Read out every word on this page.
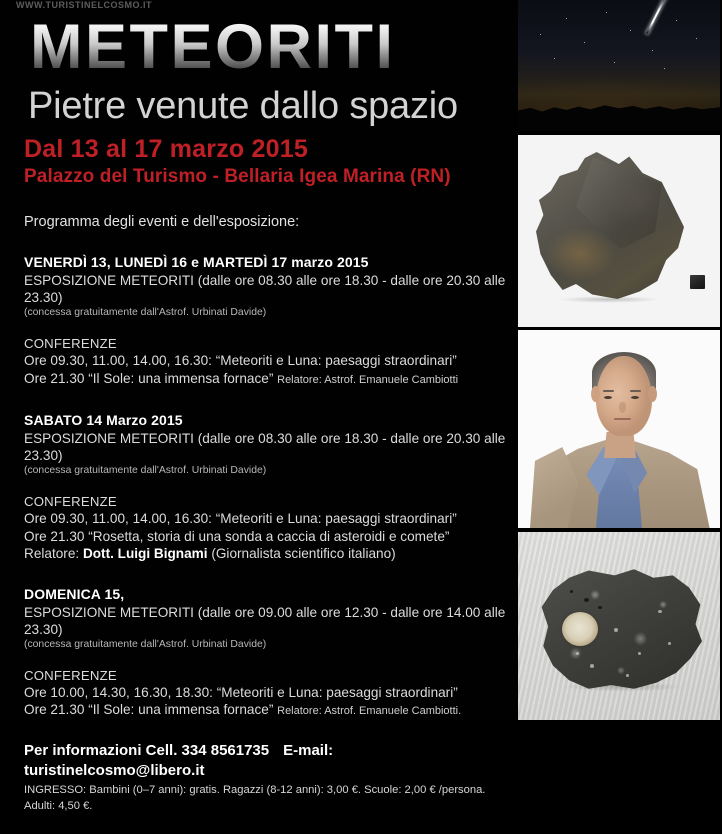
WWW.TURISTINELCOSMO.IT
METEORITI
Pietre venute dallo spazio
Dal 13 al 17 marzo 2015
Palazzo del Turismo - Bellaria Igea Marina (RN)
Programma degli eventi e dell'esposizione:
VENERDÌ 13, LUNEDÌ 16 e MARTEDÌ 17 marzo 2015
ESPOSIZIONE METEORITI (dalle ore 08.30 alle ore 18.30 - dalle ore 20.30 alle 23.30)
(concessa gratuitamente dall'Astrof. Urbinati Davide)
CONFERENZE
Ore 09.30, 11.00, 14.00, 16.30: “Meteoriti e Luna: paesaggi straordinari”
Ore 21.30 “Il Sole: una immensa fornace” Relatore: Astrof. Emanuele Cambiotti
SABATO 14 Marzo 2015
ESPOSIZIONE METEORITI (dalle ore 08.30 alle ore 18.30 - dalle ore 20.30 alle 23.30)
(concessa gratuitamente dall'Astrof. Urbinati Davide)
CONFERENZE
Ore 09.30, 11.00, 14.00, 16.30: “Meteoriti e Luna: paesaggi straordinari”
Ore 21.30 “Rosetta, storia di una sonda a caccia di asteroidi e comete”
Relatore: Dott. Luigi Bignami (Giornalista scientifico italiano)
DOMENICA 15,
ESPOSIZIONE METEORITI (dalle ore 09.00 alle ore 12.30 - dalle ore 14.00 alle 23.30)
(concessa gratuitamente dall'Astrof. Urbinati Davide)
CONFERENZE
Ore 10.00, 14.30, 16.30, 18.30: “Meteoriti e Luna: paesaggi straordinari”
Ore 21.30 “Il Sole: una immensa fornace” Relatore: Astrof. Emanuele Cambiotti.
Per informazioni Cell. 334 8561735 E-mail: turistinelcosmo@libero.it
INGRESSO: Bambini (0–7 anni): gratis. Ragazzi (8-12 anni): 3,00 €. Scuole: 2,00 € /persona. Adulti: 4,50 €.
